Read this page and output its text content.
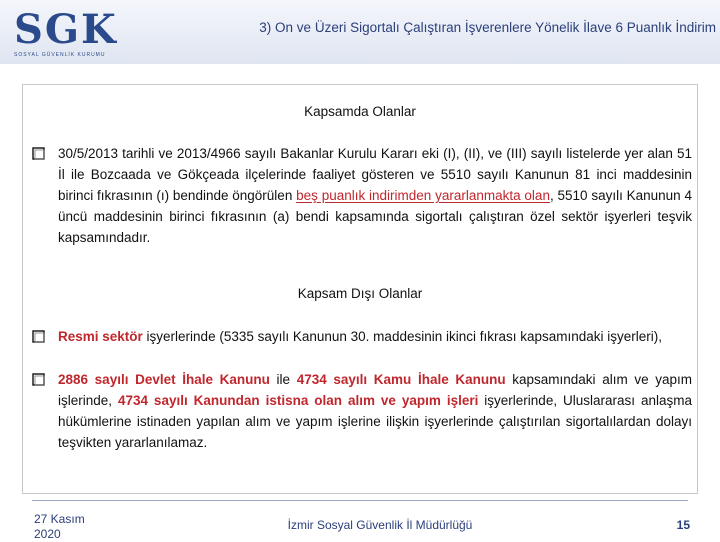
SGK
SOSYAL GÜVENLİK KURUMU
3) On ve Üzeri Sigortalı Çalıştıran İşverenlere Yönelik İlave 6 Puanlık İndirim
Kapsamda Olanlar
30/5/2013 tarihli ve 2013/4966 sayılı Bakanlar Kurulu Kararı eki (I), (II), ve (III) sayılı listelerde yer alan 51 İl ile Bozcaada ve Gökçeada ilçelerinde faaliyet gösteren ve 5510 sayılı Kanunun 81 inci maddesinin birinci fıkrasının (ı) bendinde öngörülen beş puanlık indirimden yararlanmakta olan, 5510 sayılı Kanunun 4 üncü maddesinin birinci fıkrasının (a) bendi kapsamında sigortalı çalıştıran özel sektör işyerleri teşvik kapsamındadır.
Kapsam Dışı Olanlar
Resmi sektör işyerlerinde (5335 sayılı Kanunun 30. maddesinin ikinci fıkrası kapsamındaki işyerleri),
2886 sayılı Devlet İhale Kanunu ile 4734 sayılı Kamu İhale Kanunu kapsamındaki alım ve yapım işlerinde, 4734 sayılı Kanundan istisna olan alım ve yapım işleri işyerlerinde, Uluslararası anlaşma hükümlerine istinaden yapılan alım ve yapım işlerine ilişkin işyerlerinde çalıştırılan sigortalılardan dolayı teşvikten yararlanılamaz.
27 Kasım
2020
İzmir Sosyal Güvenlik İl Müdürlüğü	15
